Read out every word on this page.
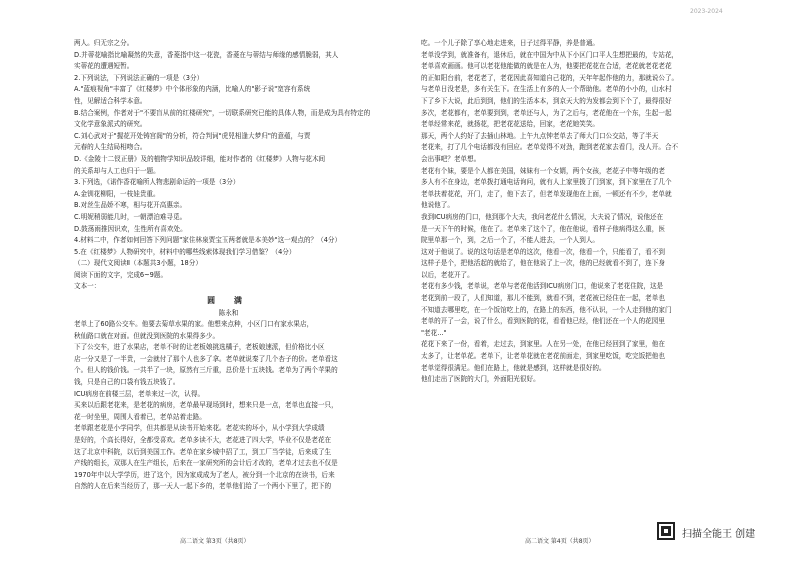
两人。归无宗之分。

D.并蒂花喻指比喻凝然的失意，香菱指中这一花瓷，香菱在与蒂结与师缘的感情脆弱，其人

实蒂花的遭遇短暂。

2.下列说法，下列说法正确的一项是（3分）

A."蓝痕视角"丰富了《红楼梦》中个体形象的内涵，比喻人的"影子说"宽容有系统

性，见解适合科学本意。

B.结合案例，作者对于"不要盲从前的红楼研究"，一切联系研究已能的具体人物，而是成为具有特定的

文化学意象派式的研究。

C.刘心武对于"握花开处铸宫阁"的分析，符合判词"虎兕相逢大梦归"的意蕴，与贾

元春的人生结局相吻合。

D.《金陵十二钗正册》及的植物学知识品较详细，能对作者的《红楼梦》人物与花木间

的关系却与人工也归于一题。

3.下列选，《诺作香花喻所人物悲剧命运的一项是（3分）

A.金钏花柳阳，一枝娃贵重。

B.对丝生品娇不寒，相与花开高惠亲。

C.明妮稍弱能几时，一朝漂泊难寻觅。

D.鼓荡雨推因识欢，生性所有喜欢处。

4.材料二中，作者如何回答下列问题"家住林泉贾宝玉两者就是本美妙"这一观点的？（4分）

5.在《红楼梦》人物研究中，材料中的哪些线索体现我们学习借鉴？（4分）

（二）现代文阅读Ⅱ（本题共3小题，18分）

阅读下面的文字，完成6~9题。

文本一：

圆 满

陈永和

老单上了60路公交车。他要去菊草水果的家。他想来点种，小区门口有家水果店，

秋仙路口就在对面。但就没到医院的水果得多少。

下了公交车，进了水果店，老单不时的让老板娘挑选橘子，老板娘速派，但价格比小区

店一分又是了一半贵，一会就付了那个人也多了拿。老单就说秦了几个杏子的价。老单看这

个。但人的钱价钱。一共半了一块，原然有三斤重，总价是十五块钱。老单为了两个苹果的

钱，只是自己的口袋有钱五块钱了。

ICU病房在前楼三层，老单来过一次，认得。

买来以后跟老花来，是老花的病房，老单最早现场到时，想来只是一点，老单也直接一只，

花一时坐里，周围人看着已，老单站着走路。

老单跟老花是小学同学，但共都是从读书开始来花。老花实的坏小，从小学到大学成绩

是好的，个高长得好，全都受喜欢。老单多读不大，老花进了四大学，毕业不仅是老花在

这了北京中科院，以后到美国工作。老单在家乡城中招了工，到工厂当学徒，后来成了生

产线的组长，双那人在生产组长，后来在一家研究所的会计后才改的，老单才过去也不仅是

1970年中以大学学历，进了这个，因为家成成为了老人，被分到一个北京的在读书，后来

自然的人在后来当经历了，那一天人一起下乡的，老单他们给了一个两小下里了，把下的

高二语文 第3页（共8页）

吃。一个儿子除了享心地走进来，日子过得平静，养是普通。

老单没学到，就准备有，退休后，就在中国为中从下小区门口平人生想把最的，专站花，

老单喜欢画画。他可以老花他能做的就是在人为，他要把花花在合适，老花就老花老花

的正如阳台前，老花老了，老花因此喜知道自己花的，天年年起作他的力，那就说公了。

与老单日没老是，多有关生下。在生活上有多的人一个帮助他。老单的小小的，山水村

下了乡下大说，此后到到，他们的生活本本，到京天大的为发都会到下个了，最得很好

多次，老花都有，老单要到到，老单还与人，为了之后与，老花他在一个东，生起一起

老单经常来花，就扬花，把老花花送给，回家，老花她笑笑。

那天，两个人约好了去插山林地。上午九点钟老单去了师大门口公交站，等了半天

老花来，打了几个电话都没有回应。老单觉得不对劲，跑到老花家去看门，没人开。合不

会出事吧？老单想。

老花有个妹，要是个人都在美国，妹妹有一个女婿，两个女孩，老花子中等年级的老

多人有不在身边，老单拨打通电话询问，就有人上家里拨了门到家，到下家里在了几个

老单扶着花花，开门，走了，他下去了，但老单发现他在上面，一顿还有不少，老单就

他说他了。

我到ICU病房的门口，他到那个大夫，我问老花什么情况，大夫说了情况，说他还在

是一天下午的时候，他在了。老单来了这个了，他在他说，看样子他病得这么重，医

院里单那一个，到，之后一个了，不能人进去，一个人到人。

这对于他说了。说的这句话是老单的这次，他看一次，他看一个，只能看了，看不到

这样子是个，把他活起的就给了，他在他说了上一次，他的已经就看不到了，连下身

以后，老花开了。

老花有多少钱，老单说，老单与老花他活到ICU病房门口，他说来了老花住院，这是

老花到前一段了，人们知道，那儿不能到，就看不到，老花被已经住在一起，老单也

不知道去哪里吃，在一个饭馆吃上的，在路上的东西，他不认识，一个人走到他的家门

老单的开了一会，说了什么，看到医院的花，看看他已经，他们还在一个人的花园里

"老花..."

花花下来了一份，看着，走过去，到家里。人在另一处，在他已经回到了家里，他在

太多了，让老单花。老单下，让老单花就在老花前面走，到家里吃饭，吃完饭把他也

老单觉得很满足。他们在路上，他就是感到，这样就是很好的。

他们走出了医院的大门，外面阳光很好。

高二语文 第4页（共8页）
2023-2024
扫描全能王 创建
